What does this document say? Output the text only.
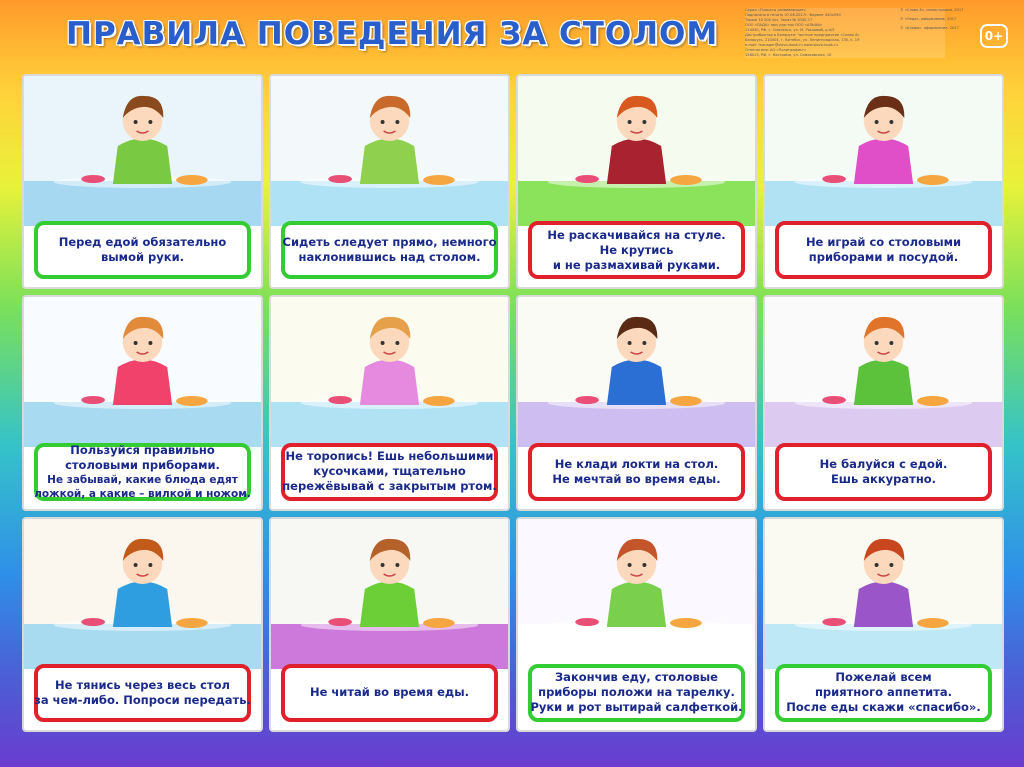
ПРАВИЛА ПОВЕДЕНИЯ ЗА СТОЛОМ
Серия «Плакаты развивающие»
Подписано в печать 07.06.2017г. Формат 440х590
Тираж 10 000 экз. Заказ № 3040-17
ООО «ЛАДА» при участии ООО «АЛЬФА»
214030, РФ, г. Смоленск, ул. М. Расковой, д.4/2
Дистрибьютор в Беларуси: Частное предприятие «Слово А»
Беларусь, 210004, г. Витебск, ул. Ленинградская, 135, к. 19
e-mail: manager@slovo-book.ru www.slovo-book.ru
Отпечатано: АО «Полиграфист»
156013, РФ, г. Кострома, ул. Самоковская, 10
© «Слово А», иллюстрации, 2017
© «Леда», оформление, 2017
© «Альфа», оформление, 2017
0+
Перед едой обязательно
вымой руки.
Сидеть следует прямо, немного
наклонившись над столом.
Не раскачивайся на стуле.
Не крутись
и не размахивай руками.
Не играй со столовыми
приборами и посудой.
Пользуйся правильно
столовыми приборами.
Не забывай, какие блюда едят
ложкой, а какие – вилкой и ножом.
Не торопись! Ешь небольшими
кусочками, тщательно
пережёвывай с закрытым ртом.
Не клади локти на стол.
Не мечтай во время еды.
Не балуйся с едой.
Ешь аккуратно.
Не тянись через весь стол
за чем-либо. Попроси передать.
Не читай во время еды.
Закончив еду, столовые
приборы положи на тарелку.
Руки и рот вытирай салфеткой.
Пожелай всем
приятного аппетита.
После еды скажи «спасибо».
